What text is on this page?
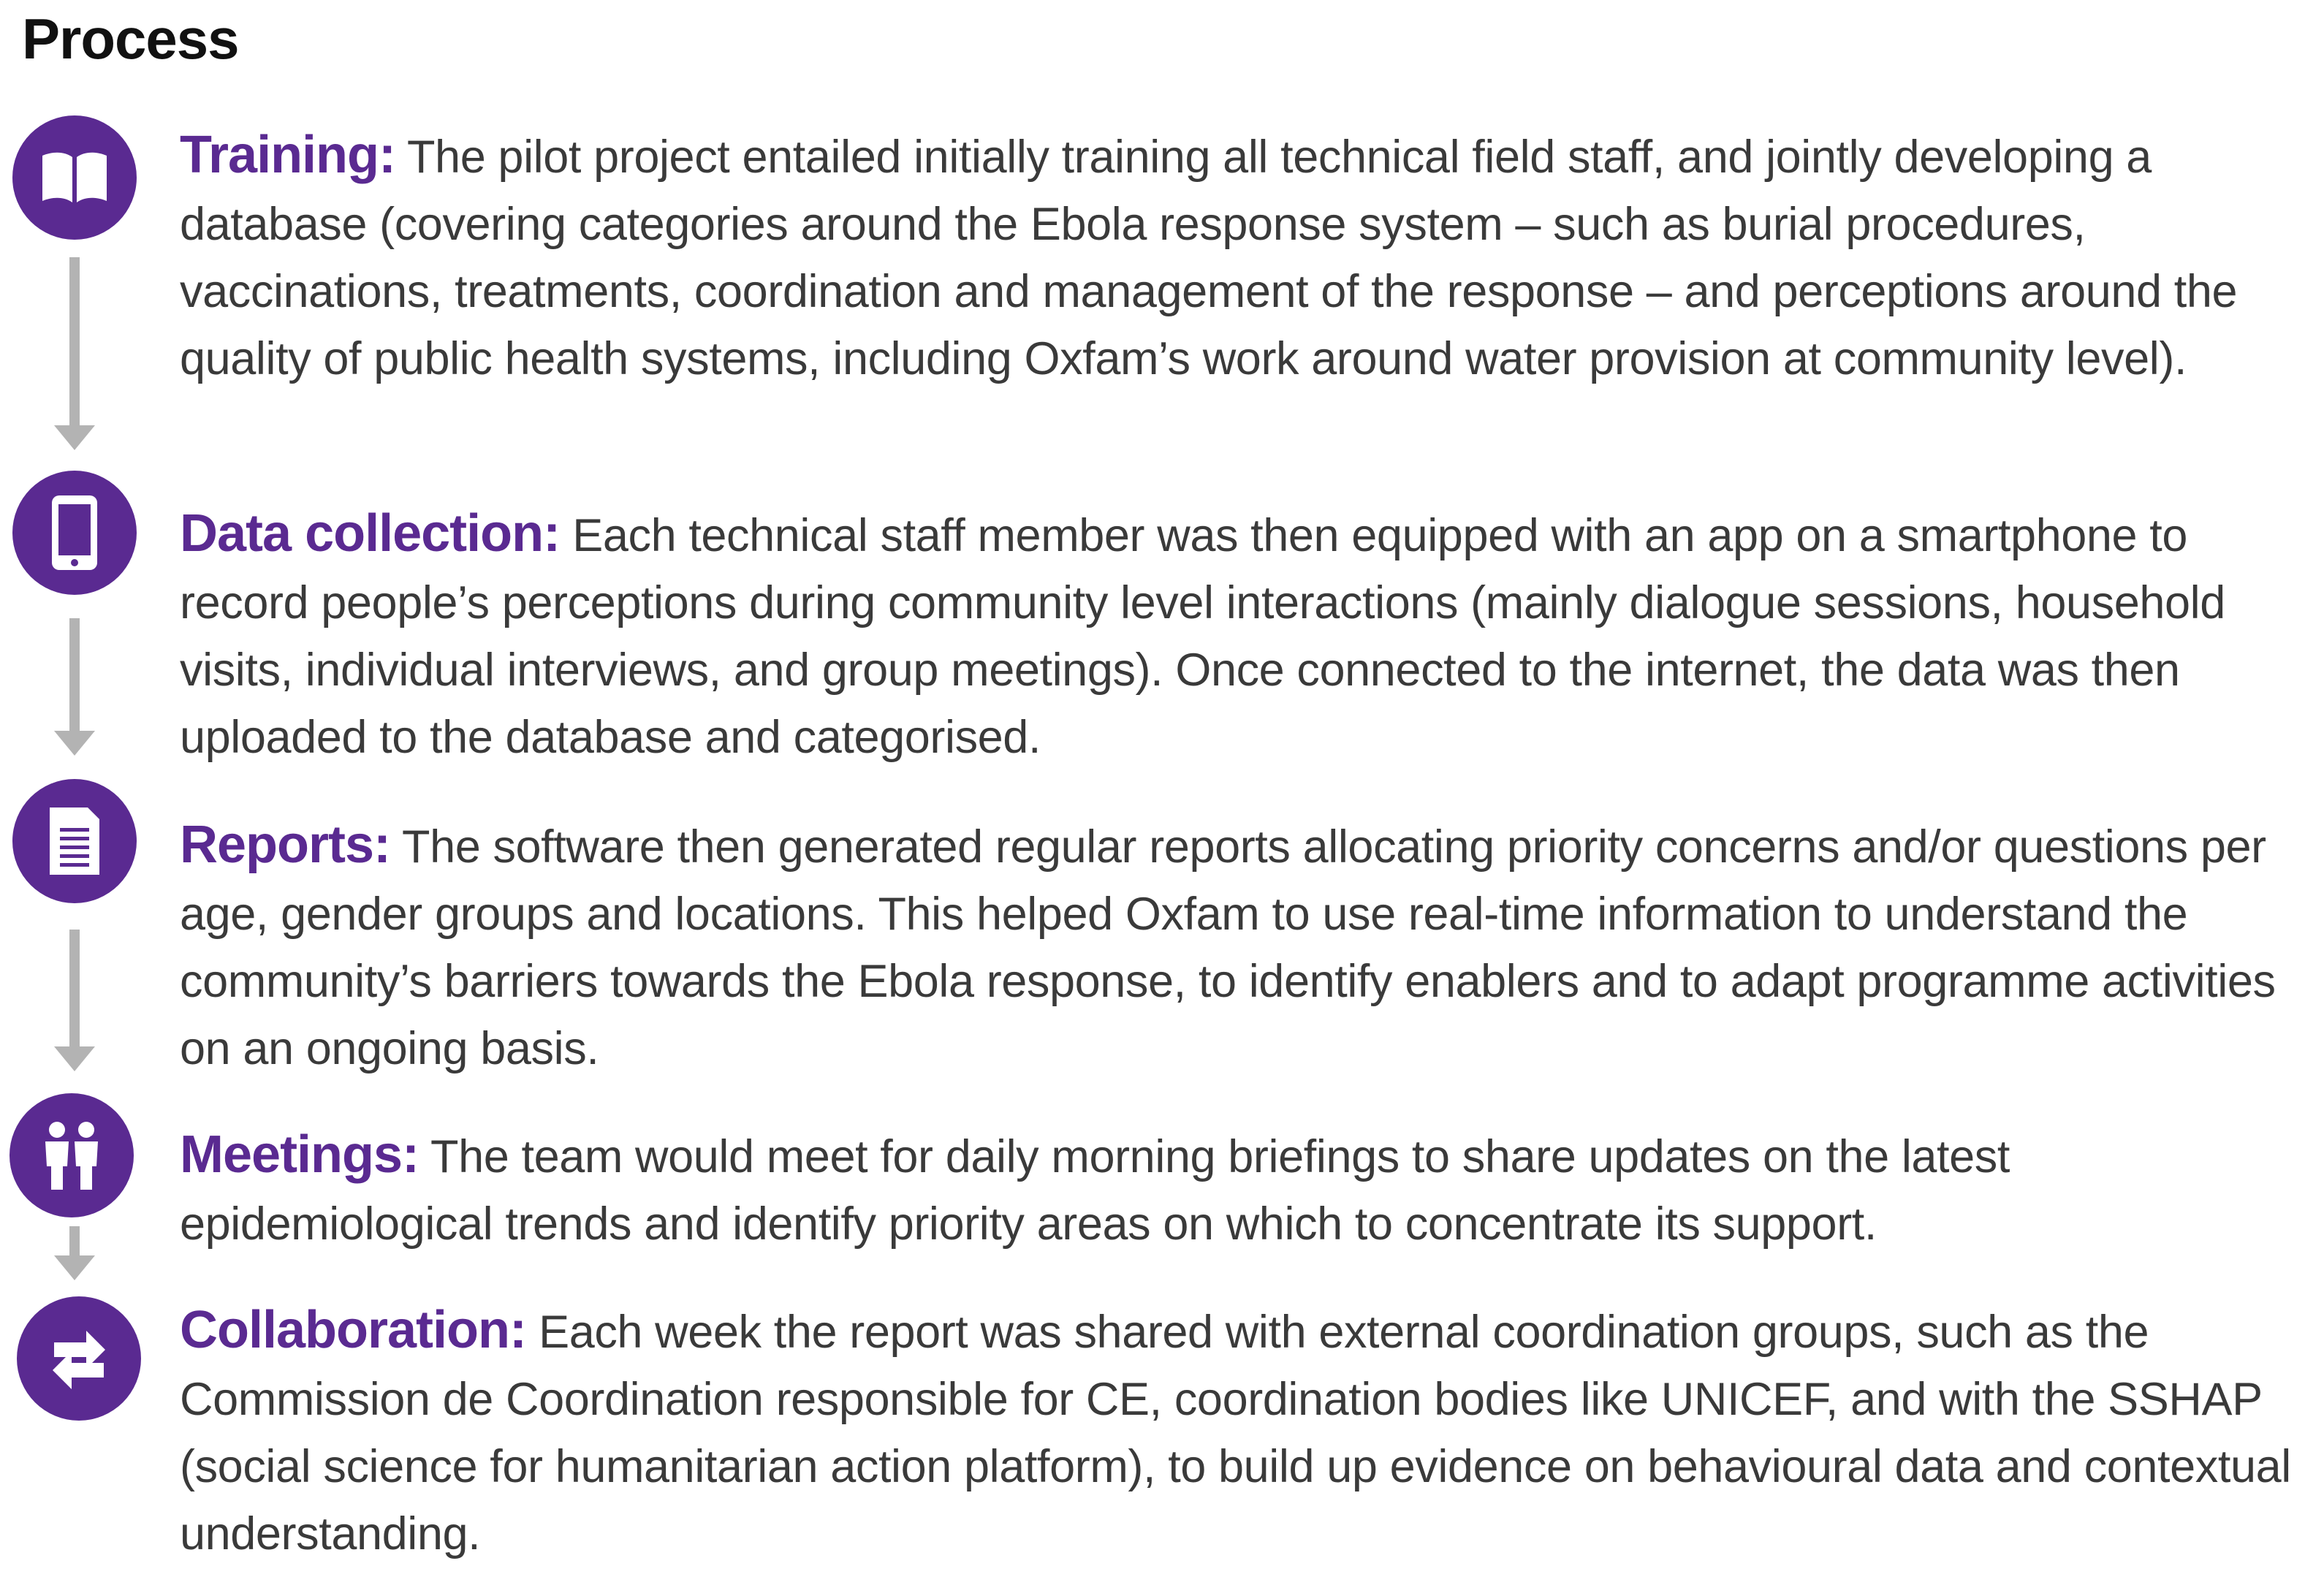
Process

Training: The pilot project entailed initially training all technical field staff, and jointly developing a database (covering categories around the Ebola response system – such as burial procedures, vaccinations, treatments, coordination and management of the response – and perceptions around the quality of public health systems, including Oxfam’s work around water provision at community level).

Data collection: Each technical staff member was then equipped with an app on a smartphone to record people’s perceptions during community level interactions (mainly dialogue sessions, household visits, individual interviews, and group meetings). Once connected to the internet, the data was then uploaded to the database and categorised.

Reports: The software then generated regular reports allocating priority concerns and/or questions per age, gender groups and locations. This helped Oxfam to use real-time information to understand the community’s barriers towards the Ebola response, to identify enablers and to adapt programme activities on an ongoing basis.

Meetings: The team would meet for daily morning briefings to share updates on the latest epidemiological trends and identify priority areas on which to concentrate its support.

Collaboration: Each week the report was shared with external coordination groups, such as the Commission de Coordination responsible for CE, coordination bodies like UNICEF, and with the SSHAP (social science for humanitarian action platform), to build up evidence on behavioural data and contextual understanding.
